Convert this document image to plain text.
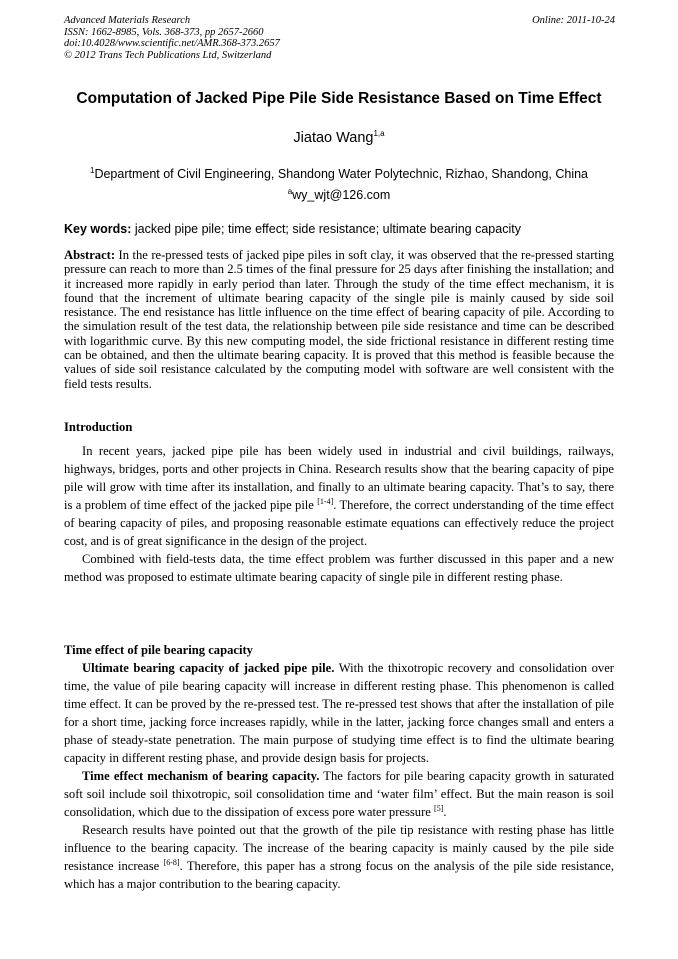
Advanced Materials Research
ISSN: 1662-8985, Vols. 368-373, pp 2657-2660
doi:10.4028/www.scientific.net/AMR.368-373.2657
© 2012 Trans Tech Publications Ltd, Switzerland
Online: 2011-10-24
Computation of Jacked Pipe Pile Side Resistance Based on Time Effect
Jiatao Wang$^{1,a}$
$^1$Department of Civil Engineering, Shandong Water Polytechnic, Rizhao, Shandong, China
$^a$wy_wjt@126.com
Key words: jacked pipe pile; time effect; side resistance; ultimate bearing capacity
Abstract: In the re-pressed tests of jacked pipe piles in soft clay, it was observed that the re-pressed starting pressure can reach to more than 2.5 times of the final pressure for 25 days after finishing the installation; and it increased more rapidly in early period than later. Through the study of the time effect mechanism, it is found that the increment of ultimate bearing capacity of the single pile is mainly caused by side soil resistance. The end resistance has little influence on the time effect of bearing capacity of pile. According to the simulation result of the test data, the relationship between pile side resistance and time can be described with logarithmic curve. By this new computing model, the side frictional resistance in different resting time can be obtained, and then the ultimate bearing capacity. It is proved that this method is feasible because the values of side soil resistance calculated by the computing model with software are well consistent with the field tests results.
Introduction

In recent years, jacked pipe pile has been widely used in industrial and civil buildings, railways, highways, bridges, ports and other projects in China. Research results show that the bearing capacity of pipe pile will grow with time after its installation, and finally to an ultimate bearing capacity. That’s to say, there is a problem of time effect of the jacked pipe pile [1-4]. Therefore, the correct understanding of the time effect of bearing capacity of piles, and proposing reasonable estimate equations can effectively reduce the project cost, and is of great significance in the design of the project.

Combined with field-tests data, the time effect problem was further discussed in this paper and a new method was proposed to estimate ultimate bearing capacity of single pile in different resting phase.

Time effect of pile bearing capacity

Ultimate bearing capacity of jacked pipe pile. With the thixotropic recovery and consolidation over time, the value of pile bearing capacity will increase in different resting phase. This phenomenon is called time effect. It can be proved by the re-pressed test. The re-pressed test shows that after the installation of pile for a short time, jacking force increases rapidly, while in the latter, jacking force changes small and enters a phase of steady-state penetration. The main purpose of studying time effect is to find the ultimate bearing capacity in different resting phase, and provide design basis for projects.

Time effect mechanism of bearing capacity. The factors for pile bearing capacity growth in saturated soft soil include soil thixotropic, soil consolidation time and ‘water film’ effect. But the main reason is soil consolidation, which due to the dissipation of excess pore water pressure [5].

Research results have pointed out that the growth of the pile tip resistance with resting phase has little influence to the bearing capacity. The increase of the bearing capacity is mainly caused by the pile side resistance increase [6-8]. Therefore, this paper has a strong focus on the analysis of the pile side resistance, which has a major contribution to the bearing capacity.
